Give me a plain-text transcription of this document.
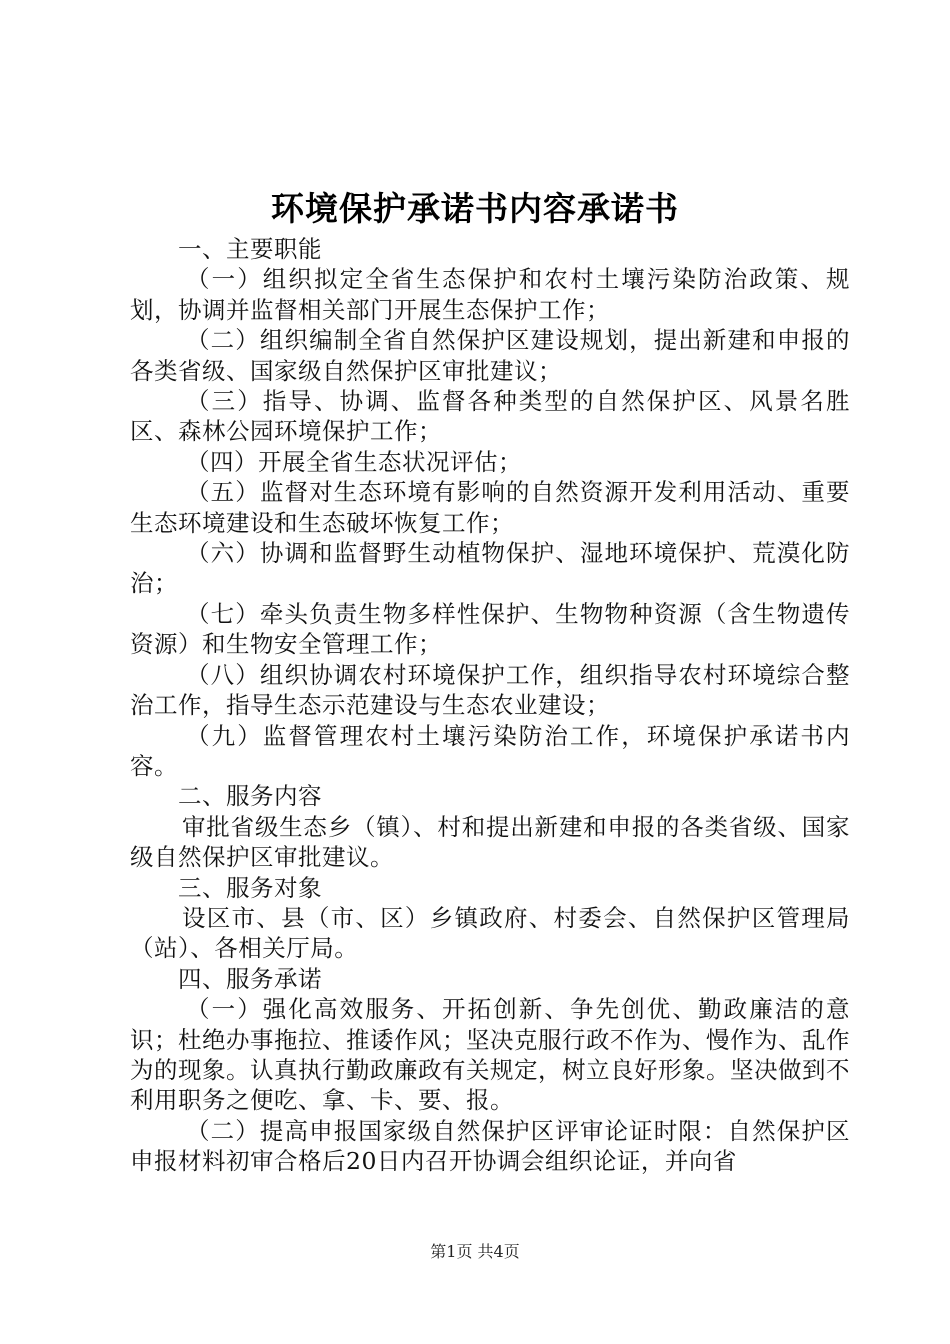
环境保护承诺书内容承诺书

一、主要职能

（一）组织拟定全省生态保护和农村土壤污染防治政策、规划，协调并监督相关部门开展生态保护工作；

（二）组织编制全省自然保护区建设规划，提出新建和申报的各类省级、国家级自然保护区审批建议；

（三）指导、协调、监督各种类型的自然保护区、风景名胜区、森林公园环境保护工作；

（四）开展全省生态状况评估；

（五）监督对生态环境有影响的自然资源开发利用活动、重要生态环境建设和生态破坏恢复工作；

（六）协调和监督野生动植物保护、湿地环境保护、荒漠化防治；

（七）牵头负责生物多样性保护、生物物种资源（含生物遗传资源）和生物安全管理工作；

（八）组织协调农村环境保护工作，组织指导农村环境综合整治工作，指导生态示范建设与生态农业建设；

（九）监督管理农村土壤污染防治工作，环境保护承诺书内容。

二、服务内容

审批省级生态乡（镇）、村和提出新建和申报的各类省级、国家级自然保护区审批建议。

三、服务对象

设区市、县（市、区）乡镇政府、村委会、自然保护区管理局（站）、各相关厅局。

四、服务承诺

（一）强化高效服务、开拓创新、争先创优、勤政廉洁的意识；杜绝办事拖拉、推诿作风；坚决克服行政不作为、慢作为、乱作为的现象。认真执行勤政廉政有关规定，树立良好形象。坚决做到不利用职务之便吃、拿、卡、要、报。

（二）提高申报国家级自然保护区评审论证时限：自然保护区申报材料初审合格后20日内召开协调会组织论证，并向省

第1页 共4页
